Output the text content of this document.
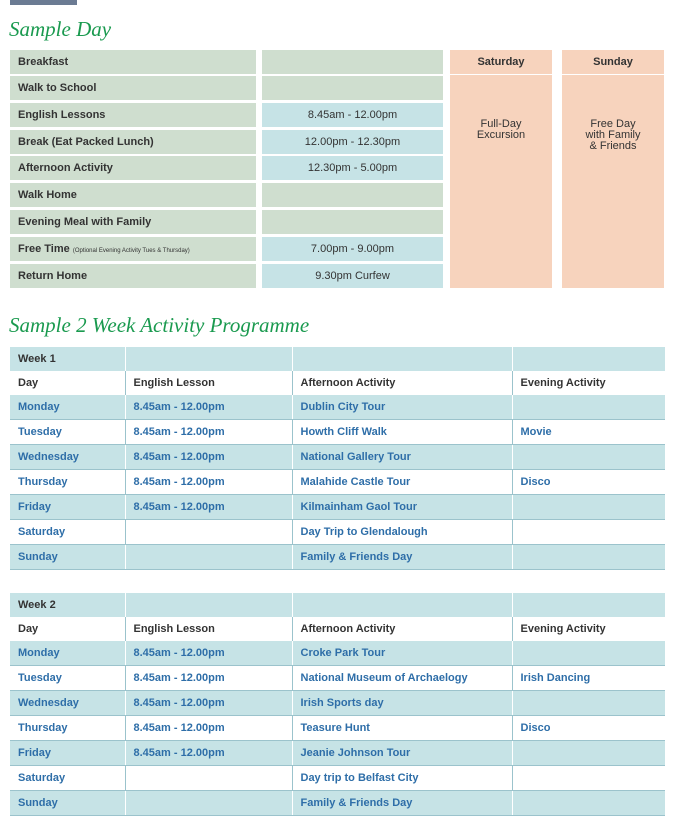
Sample Day
Breakfast
Walk to School
English Lessons	8.45am - 12.00pm
Break (Eat Packed Lunch)	12.00pm - 12.30pm
Afternoon Activity	12.30pm - 5.00pm
Walk Home
Evening Meal with Family
Free Time (Optional Evening Activity Tues & Thursday)	7.00pm - 9.00pm
Return Home	9.30pm Curfew
Saturday
Full-Day
Excursion
Sunday
Free Day
with Family
& Friends
Sample 2 Week Activity Programme
Week 1			
Day	English Lesson	Afternoon Activity	Evening Activity
Monday	8.45am - 12.00pm	Dublin City Tour	
Tuesday	8.45am - 12.00pm	Howth Cliff Walk	Movie
Wednesday	8.45am - 12.00pm	National Gallery Tour	
Thursday	8.45am - 12.00pm	Malahide Castle Tour	Disco
Friday	8.45am - 12.00pm	Kilmainham Gaol Tour	
Saturday		Day Trip to Glendalough	
Sunday		Family & Friends Day	
Week 2			
Day	English Lesson	Afternoon Activity	Evening Activity
Monday	8.45am - 12.00pm	Croke Park Tour	
Tuesday	8.45am - 12.00pm	National Museum of Archaelogy	Irish Dancing
Wednesday	8.45am - 12.00pm	Irish Sports day	
Thursday	8.45am - 12.00pm	Teasure Hunt	Disco
Friday	8.45am - 12.00pm	Jeanie Johnson Tour	
Saturday		Day trip to Belfast City	
Sunday		Family & Friends Day	
